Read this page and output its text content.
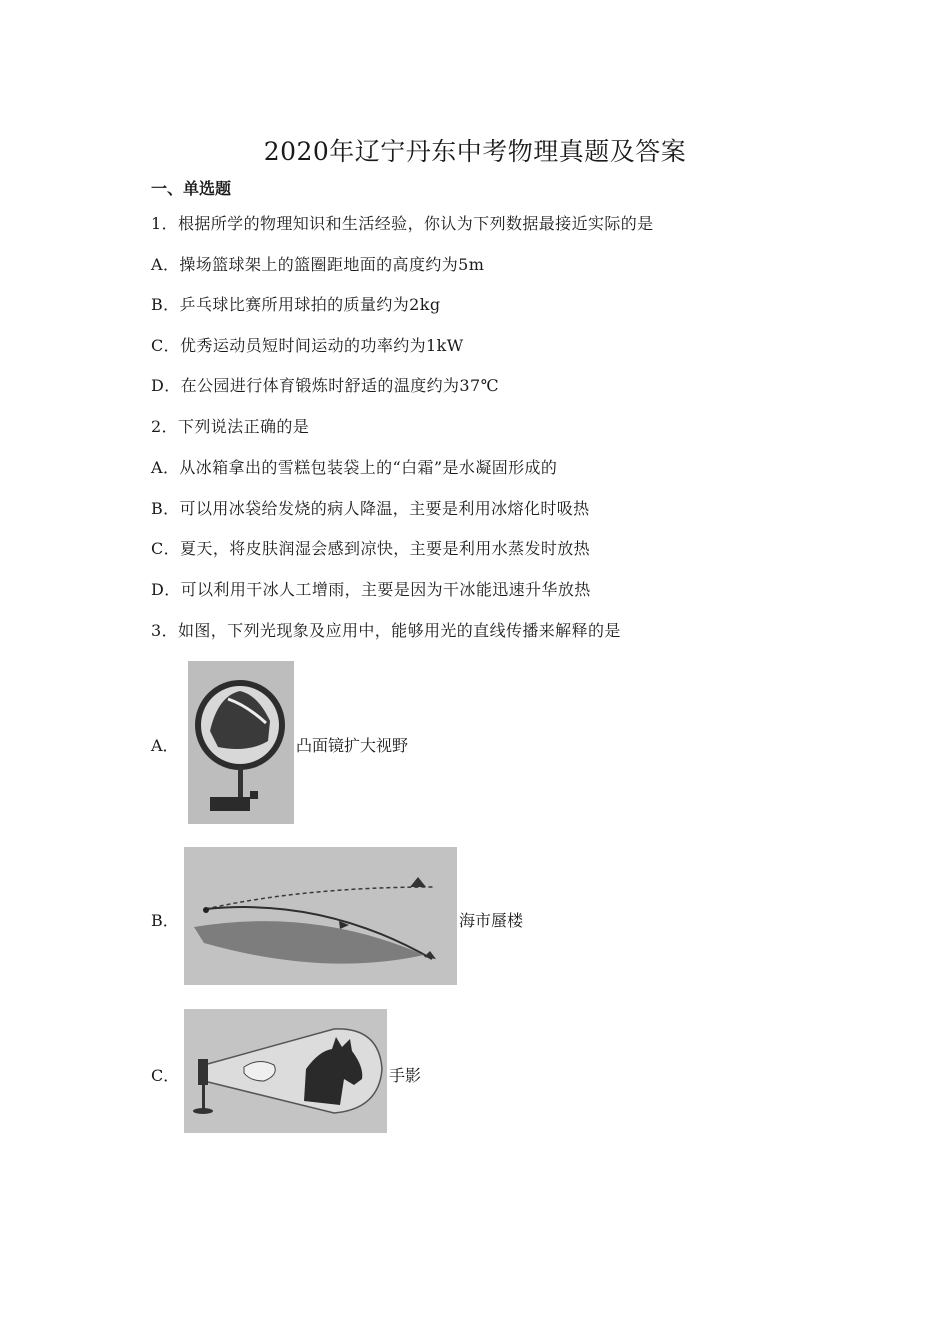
2020年辽宁丹东中考物理真题及答案
一、单选题
1．根据所学的物理知识和生活经验，你认为下列数据最接近实际的是
A．操场篮球架上的篮圈距地面的高度约为5m
B．乒乓球比赛所用球拍的质量约为2kg
C．优秀运动员短时间运动的功率约为1kW
D．在公园进行体育锻炼时舒适的温度约为37℃
2．下列说法正确的是
A．从冰箱拿出的雪糕包装袋上的“白霜”是水凝固形成的
B．可以用冰袋给发烧的病人降温，主要是利用冰熔化时吸热
C．夏天，将皮肤润湿会感到凉快，主要是利用水蒸发时放热
D．可以利用干冰人工增雨，主要是因为干冰能迅速升华放热
3．如图，下列光现象及应用中，能够用光的直线传播来解释的是
A．	凸面镜扩大视野
B．	海市蜃楼
C．	手影
